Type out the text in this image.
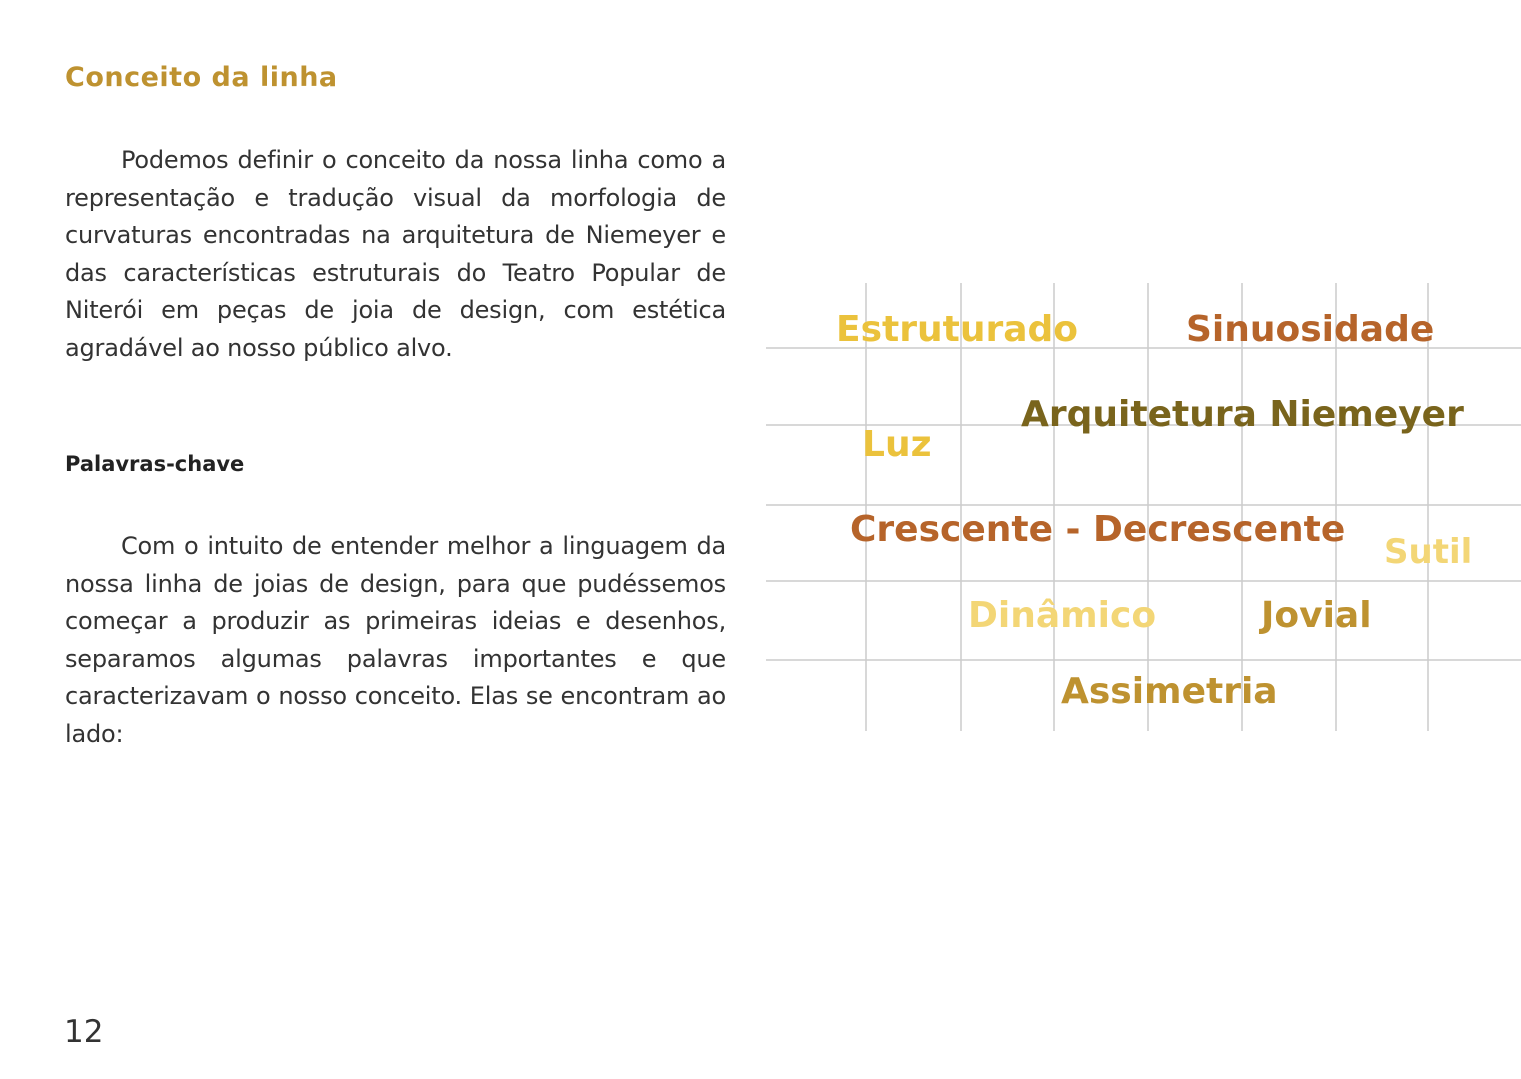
Conceito da linha

Podemos definir o conceito da nossa linha como a representação e tradução visual da morfologia de curvaturas encontradas na arquitetura de Niemeyer e das características estruturais do Teatro Popular de Niterói em peças de joia de design, com estética agradável ao nosso público alvo.

Palavras-chave

Com o intuito de entender melhor a linguagem da nossa linha de joias de design, para que pudéssemos começar a produzir as primeiras ideias e desenhos, separamos algumas palavras importantes e que caracterizavam o nosso conceito. Elas se encontram ao lado:

Estruturado	Sinuosidade
Arquitetura Niemeyer
Luz
Crescente - Decrescente
Sutil
Dinâmico	Jovial
Assimetria
12
